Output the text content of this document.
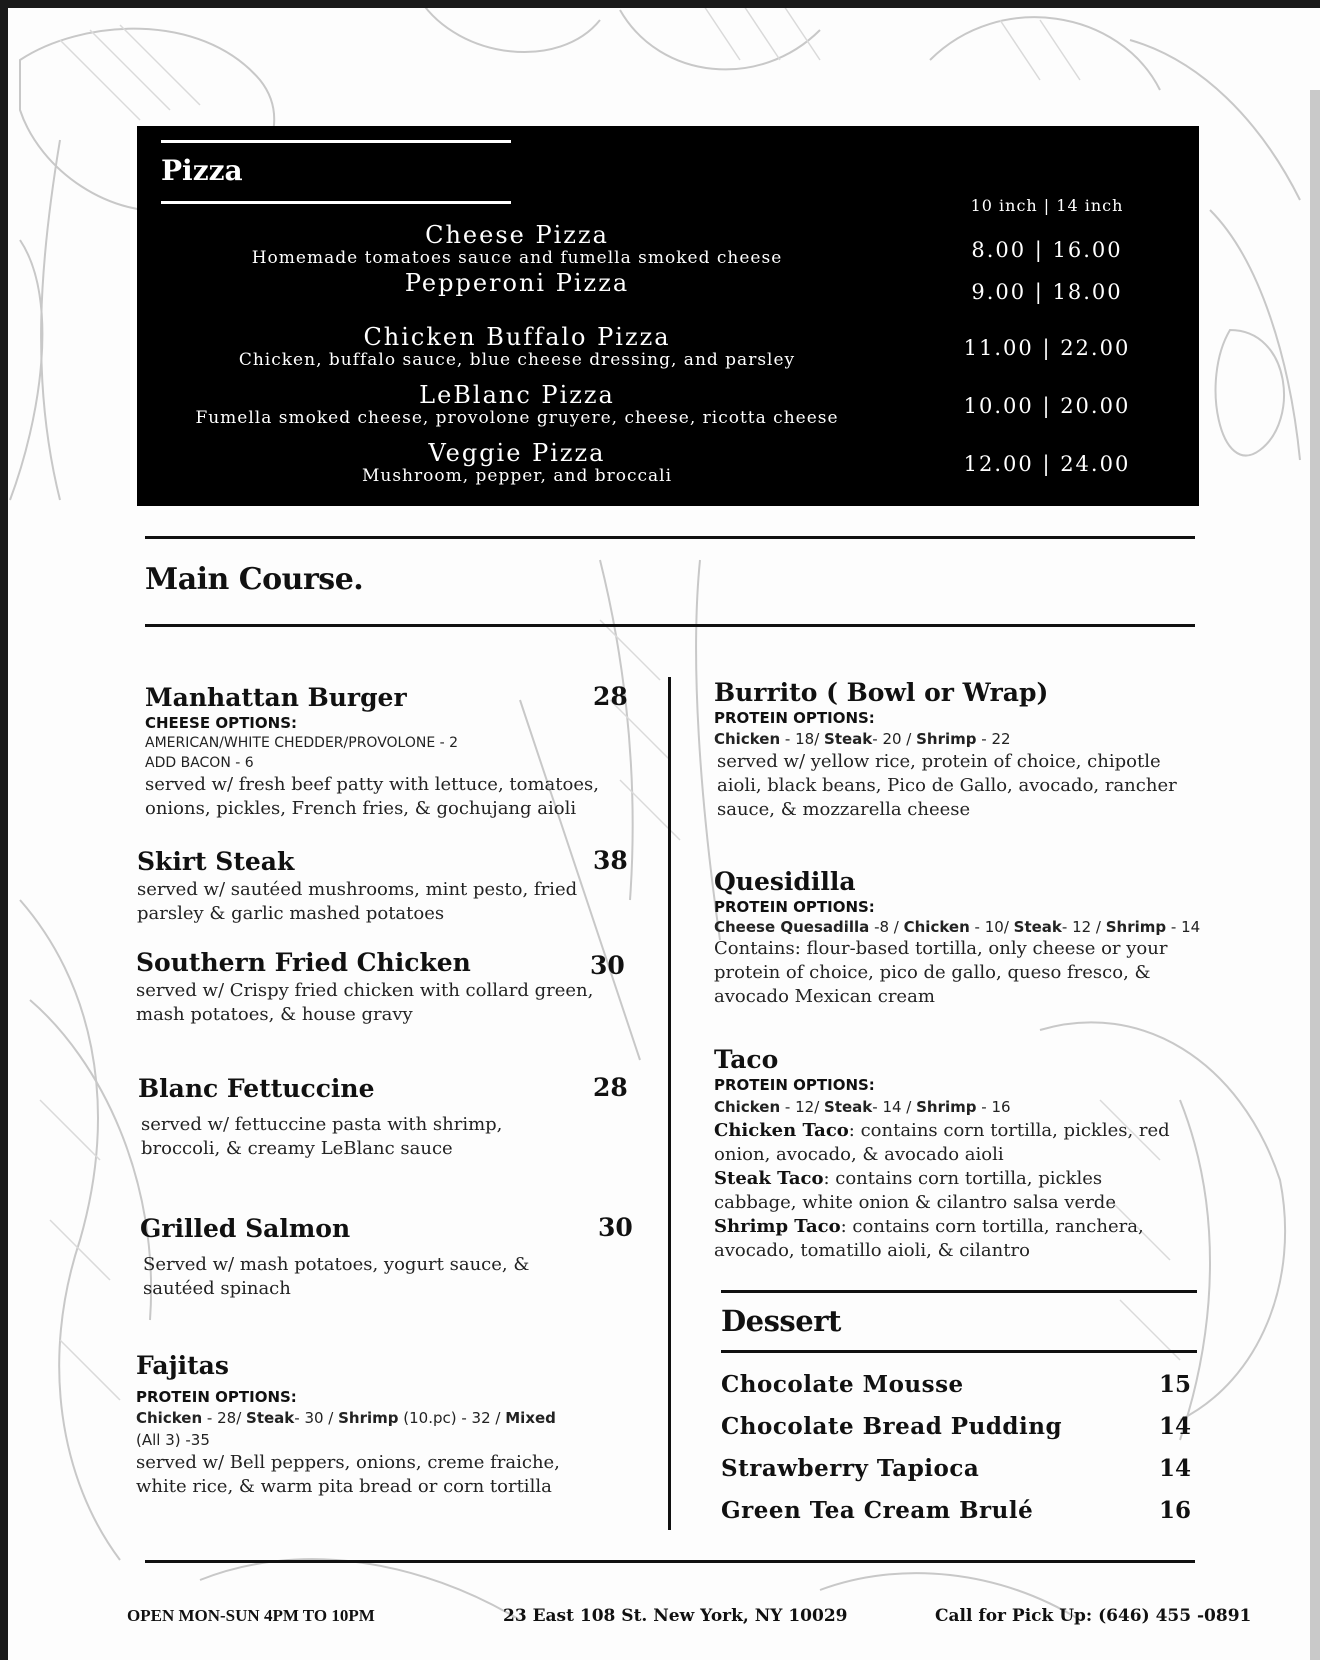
Pizza
10 inch | 14 inch
Cheese Pizza
Homemade tomatoes sauce and fumella smoked cheese	8.00 | 16.00
Pepperoni Pizza	9.00 | 18.00
Chicken Buffalo Pizza
Chicken, buffalo sauce, blue cheese dressing, and parsley	11.00 | 22.00
LeBlanc Pizza
Fumella smoked cheese, provolone gruyere, cheese, ricotta cheese	10.00 | 20.00
Veggie Pizza
Mushroom, pepper, and broccali	12.00 | 24.00
Main Course.
Manhattan Burger	28
CHEESE OPTIONS:
AMERICAN/WHITE CHEDDER/PROVOLONE - 2
ADD BACON - 6
served w/ fresh beef patty with lettuce, tomatoes,
onions, pickles, French fries, & gochujang aioli
Skirt Steak	38
served w/ sautéed mushrooms, mint pesto, fried
parsley & garlic mashed potatoes
Southern Fried Chicken	30
served w/ Crispy fried chicken with collard green,
mash potatoes, & house gravy
Blanc Fettuccine	28
served w/ fettuccine pasta with shrimp,
broccoli, & creamy LeBlanc sauce
Grilled Salmon	30
Served w/ mash potatoes, yogurt sauce, &
sautéed spinach
Fajitas
PROTEIN OPTIONS:
Chicken - 28/ Steak- 30 / Shrimp (10.pc) - 32 / Mixed
(All 3) -35
served w/ Bell peppers, onions, creme fraiche,
white rice, & warm pita bread or corn tortilla
Burrito ( Bowl or Wrap)
PROTEIN OPTIONS:
Chicken - 18/ Steak- 20 / Shrimp - 22
served w/ yellow rice, protein of choice, chipotle
aioli, black beans, Pico de Gallo, avocado, rancher
sauce, & mozzarella cheese
Quesidilla
PROTEIN OPTIONS:
Cheese Quesadilla -8 / Chicken - 10/ Steak- 12 / Shrimp - 14
Contains: flour-based tortilla, only cheese or your
protein of choice, pico de gallo, queso fresco, &
avocado Mexican cream
Taco
PROTEIN OPTIONS:
Chicken - 12/ Steak- 14 / Shrimp - 16
Chicken Taco: contains corn tortilla, pickles, red
onion, avocado, & avocado aioli
Steak Taco: contains corn tortilla, pickles
cabbage, white onion & cilantro salsa verde
Shrimp Taco: contains corn tortilla, ranchera,
avocado, tomatillo aioli, & cilantro
Dessert
Chocolate Mousse	15
Chocolate Bread Pudding	14
Strawberry Tapioca	14
Green Tea Cream Brulé	16
OPEN MON-SUN 4PM TO 10PM	23 East 108 St. New York, NY 10029	Call for Pick Up: (646) 455 -0891
